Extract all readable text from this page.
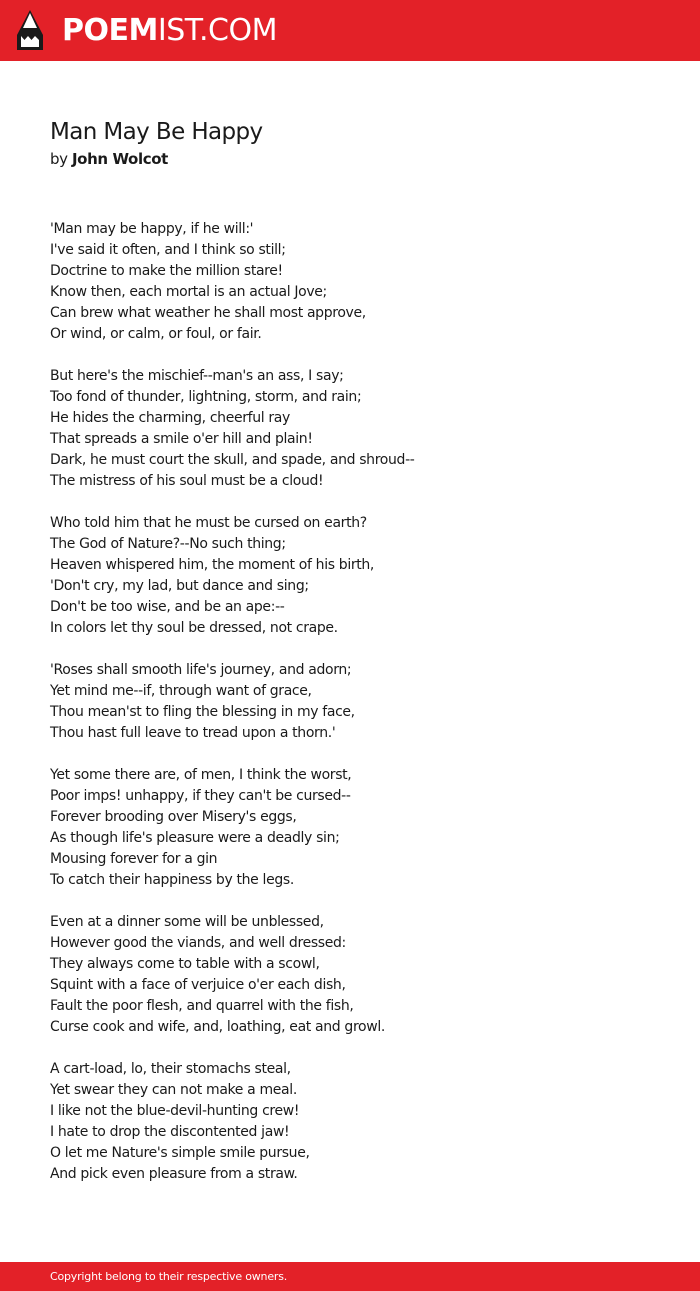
POEMIST.COM
Man May Be Happy
by John Wolcot
'Man may be happy, if he will:'
I've said it often, and I think so still;
Doctrine to make the million stare!
Know then, each mortal is an actual Jove;
Can brew what weather he shall most approve,
Or wind, or calm, or foul, or fair.
But here's the mischief--man's an ass, I say;
Too fond of thunder, lightning, storm, and rain;
He hides the charming, cheerful ray
That spreads a smile o'er hill and plain!
Dark, he must court the skull, and spade, and shroud--
The mistress of his soul must be a cloud!
Who told him that he must be cursed on earth?
The God of Nature?--No such thing;
Heaven whispered him, the moment of his birth,
'Don't cry, my lad, but dance and sing;
Don't be too wise, and be an ape:--
In colors let thy soul be dressed, not crape.
'Roses shall smooth life's journey, and adorn;
Yet mind me--if, through want of grace,
Thou mean'st to fling the blessing in my face,
Thou hast full leave to tread upon a thorn.'
Yet some there are, of men, I think the worst,
Poor imps! unhappy, if they can't be cursed--
Forever brooding over Misery's eggs,
As though life's pleasure were a deadly sin;
Mousing forever for a gin
To catch their happiness by the legs.
Even at a dinner some will be unblessed,
However good the viands, and well dressed:
They always come to table with a scowl,
Squint with a face of verjuice o'er each dish,
Fault the poor flesh, and quarrel with the fish,
Curse cook and wife, and, loathing, eat and growl.
A cart-load, lo, their stomachs steal,
Yet swear they can not make a meal.
I like not the blue-devil-hunting crew!
I hate to drop the discontented jaw!
O let me Nature's simple smile pursue,
And pick even pleasure from a straw.
Copyright belong to their respective owners.
